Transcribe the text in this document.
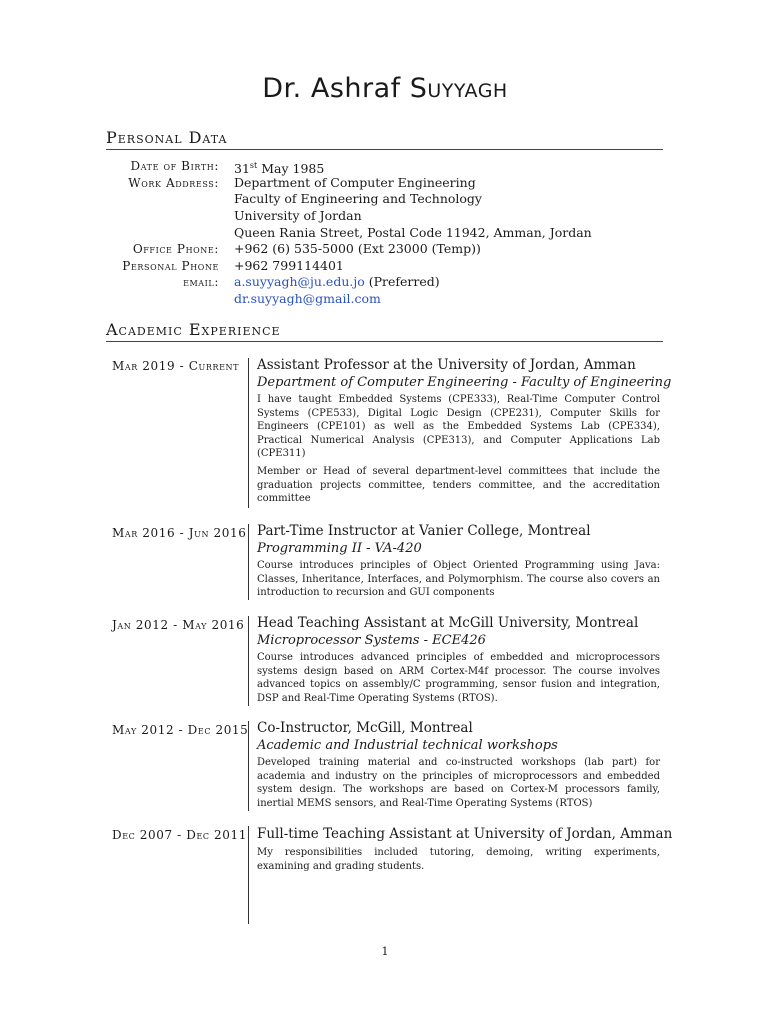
Dr. Ashraf Suyyagh
Personal Data
Date of Birth: 31st May 1985
Work Address: Department of Computer Engineering
Faculty of Engineering and Technology
University of Jordan
Queen Rania Street, Postal Code 11942, Amman, Jordan
Office Phone: +962 (6) 535-5000 (Ext 23000 (Temp))
Personal Phone +962 799114401
email: a.suyyagh@ju.edu.jo (Preferred)
dr.suyyagh@gmail.com
Academic Experience
Mar 2019 - Current Assistant Professor at the University of Jordan, Amman
Department of Computer Engineering - Faculty of Engineering
I have taught Embedded Systems (CPE333), Real-Time Computer Control Systems (CPE533), Digital Logic Design (CPE231), Computer Skills for Engineers (CPE101) as well as the Embedded Systems Lab (CPE334), Practical Numerical Analysis (CPE313), and Computer Applications Lab (CPE311)
Member or Head of several department-level committees that include the graduation projects committee, tenders committee, and the accreditation committee
Mar 2016 - Jun 2016 Part-Time Instructor at Vanier College, Montreal
Programming II - VA-420
Course introduces principles of Object Oriented Programming using Java: Classes, Inheritance, Interfaces, and Polymorphism. The course also covers an introduction to recursion and GUI components
Jan 2012 - May 2016 Head Teaching Assistant at McGill University, Montreal
Microprocessor Systems - ECE426
Course introduces advanced principles of embedded and microprocessors systems design based on ARM Cortex-M4f processor. The course involves advanced topics on assembly/C programming, sensor fusion and integration, DSP and Real-Time Operating Systems (RTOS).
May 2012 - Dec 2015 Co-Instructor, McGill, Montreal
Academic and Industrial technical workshops
Developed training material and co-instructed workshops (lab part) for academia and industry on the principles of microprocessors and embedded system design. The workshops are based on Cortex-M processors family, inertial MEMS sensors, and Real-Time Operating Systems (RTOS)
Dec 2007 - Dec 2011 Full-time Teaching Assistant at University of Jordan, Amman
My responsibilities included tutoring, demoing, writing experiments, examining and grading students.
1
